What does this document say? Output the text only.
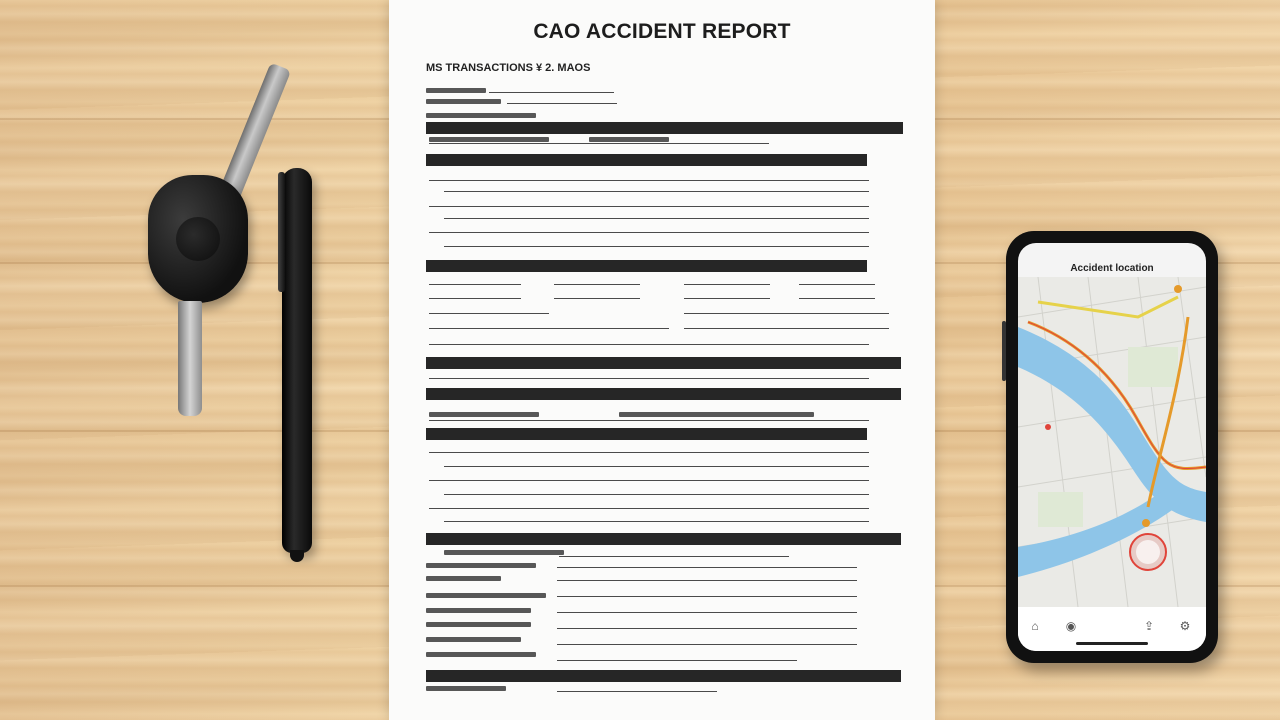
CAO ACCIDENT REPORT
MS TRANSACTIONS ¥ 2. MAOS
Accident location
⌂ ◉	⇪ ⚙
